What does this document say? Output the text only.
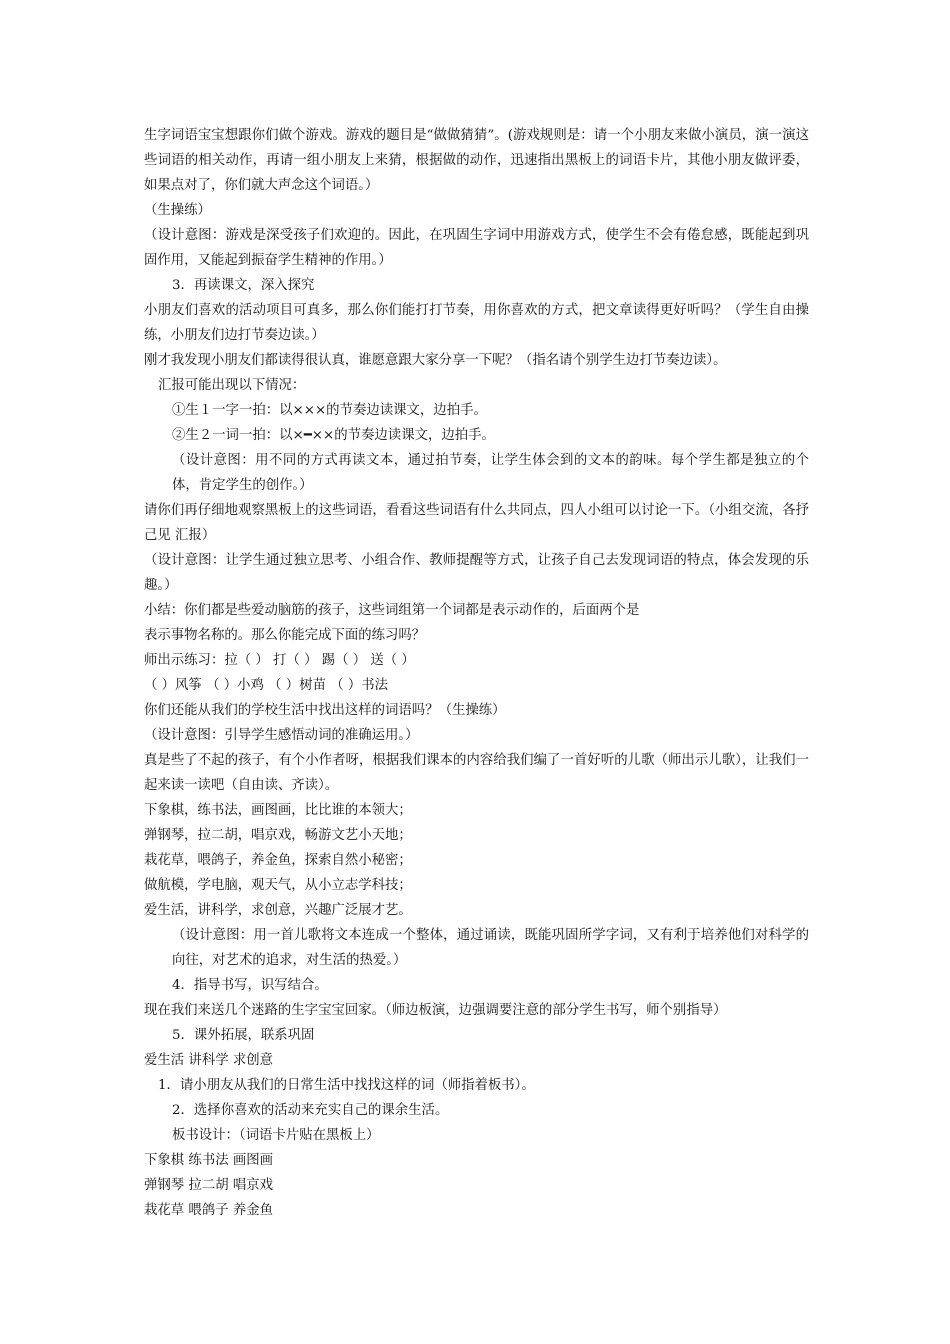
生字词语宝宝想跟你们做个游戏。游戏的题目是“做做猜猜”。(游戏规则是：请一个小朋友来做小演员，演一演这些词语的相关动作，再请一组小朋友上来猜，根据做的动作，迅速指出黑板上的词语卡片，其他小朋友做评委，如果点对了，你们就大声念这个词语。）

（生操练）

（设计意图：游戏是深受孩子们欢迎的。因此，在巩固生字词中用游戏方式，使学生不会有倦怠感，既能起到巩固作用，又能起到振奋学生精神的作用。）

3．再读课文，深入探究

小朋友们喜欢的活动项目可真多，那么你们能打打节奏，用你喜欢的方式，把文章读得更好听吗？（学生自由操练，小朋友们边打节奏边读。）

刚才我发现小朋友们都读得很认真，谁愿意跟大家分享一下呢？（指名请个别学生边打节奏边读）。

汇报可能出现以下情况：

①生１一字一拍：以×××的节奏边读课文，边拍手。

②生２一词一拍：以×━××的节奏边读课文，边拍手。

（设计意图：用不同的方式再读文本，通过拍节奏，让学生体会到的文本的韵味。每个学生都是独立的个体，肯定学生的创作。）

请你们再仔细地观察黑板上的这些词语，看看这些词语有什么共同点，四人小组可以讨论一下。（小组交流，各抒己见 汇报）

（设计意图：让学生通过独立思考、小组合作、教师提醒等方式，让孩子自己去发现词语的特点，体会发现的乐趣。）

小结：你们都是些爱动脑筋的孩子，这些词组第一个词都是表示动作的，后面两个是

表示事物名称的。那么你能完成下面的练习吗？

师出示练习：拉（ ） 打（ ） 踢（ ） 送（ ）

（ ）风筝 （ ）小鸡 （ ）树苗 （ ）书法

你们还能从我们的学校生活中找出这样的词语吗？（生操练）

（设计意图：引导学生感悟动词的准确运用。）

真是些了不起的孩子，有个小作者呀，根据我们课本的内容给我们编了一首好听的儿歌（师出示儿歌），让我们一起来读一读吧（自由读、齐读）。

下象棋，练书法，画图画，比比谁的本领大；

弹钢琴，拉二胡，唱京戏，畅游文艺小天地；

栽花草，喂鸽子，养金鱼，探索自然小秘密；

做航模，学电脑，观天气，从小立志学科技；

爱生活，讲科学，求创意，兴趣广泛展才艺。

（设计意图：用一首儿歌将文本连成一个整体，通过诵读，既能巩固所学字词，又有利于培养他们对科学的向往，对艺术的追求，对生活的热爱。）

4．指导书写，识写结合。

现在我们来送几个迷路的生字宝宝回家。（师边板演，边强调要注意的部分学生书写，师个别指导）

5．课外拓展，联系巩固

爱生活 讲科学 求创意

1．请小朋友从我们的日常生活中找找这样的词（师指着板书）。

2．选择你喜欢的活动来充实自己的课余生活。

板书设计：（词语卡片贴在黑板上）

下象棋 练书法 画图画

弹钢琴 拉二胡 唱京戏

栽花草 喂鸽子 养金鱼
